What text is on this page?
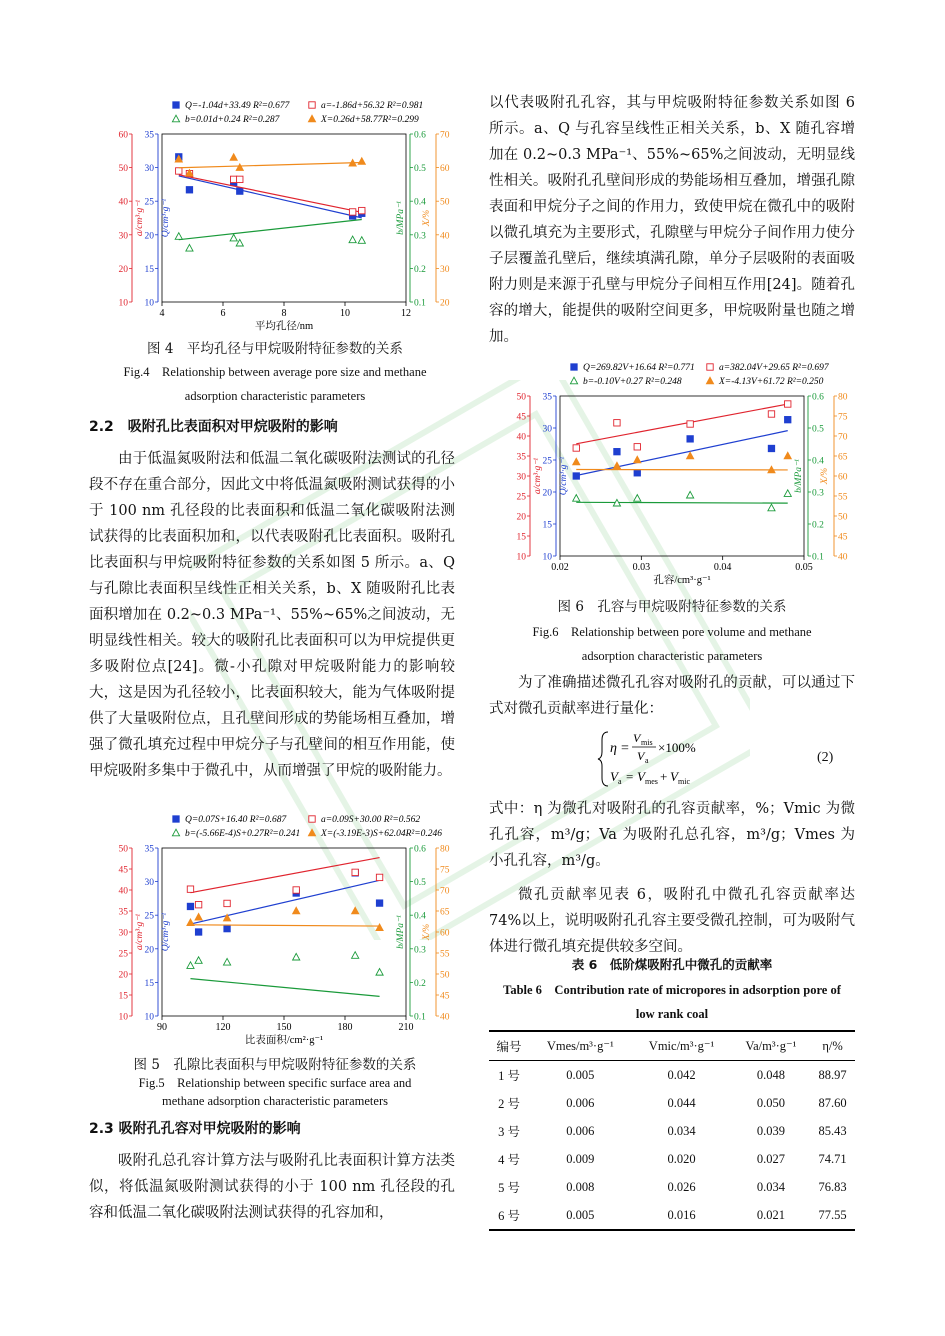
4	6	8	10	12
平均孔径/nm
10
20
30
40
50
60
a/cm³·g⁻¹
10
15
20
25
30
35
Q/cm³·g⁻¹
0.1
0.2
0.3
0.4
0.5
0.6
b/MPa⁻¹
20
30
40
50
60
70
X/%
Q=-1.04d+33.49 R²=0.677	a=-1.86d+56.32 R²=0.981
b=0.01d+0.24 R²=0.287	X=0.26d+58.77R²=0.299

图 4　平均孔径与甲烷吸附特征参数的关系

Fig.4　Relationship between average pore size and methane

adsorption characteristic parameters

2.2　吸附孔比表面积对甲烷吸附的影响

由于低温氮吸附法和低温二氧化碳吸附法测试的孔径段不存在重合部分，因此文中将低温氮吸附测试获得的小于 100 nm 孔径段的比表面积和低温二氧化碳吸附法测试获得的比表面积加和，以代表吸附孔比表面积。吸附孔比表面积与甲烷吸附特征参数的关系如图 5 所示。a、Q 与孔隙比表面积呈线性正相关关系，b、X 随吸附孔比表面积增加在 0.2~0.3 MPa⁻¹、55%~65%之间波动，无明显线性相关。较大的吸附孔比表面积可以为甲烷提供更多吸附位点[24]。微-小孔隙对甲烷吸附能力的影响较大，这是因为孔径较小，比表面积较大，能为气体吸附提供了大量吸附位点，且孔壁间形成的势能场相互叠加，增强了微孔填充过程中甲烷分子与孔壁间的相互作用能，使甲烷吸附多集中于微孔中，从而增强了甲烷的吸附能力。

90	120	150	180	210
比表面积/cm²·g⁻¹
10
15
20
25
30
35
40
45
50
a/cm³·g⁻¹
10
15
20
25
30
35
Q/cm³·g⁻¹
0.1
0.2
0.3
0.4
0.5
0.6
b/MPa⁻¹
40
45
50
55
60
65
70
75
80
X/%
Q=0.07S+16.40 R²=0.687	a=0.09S+30.00 R²=0.562
b=(-5.66E-4)S+0.27R²=0.241 X=(-3.19E-3)S+62.04R²=0.246

图 5　孔隙比表面积与甲烷吸附特征参数的关系

Fig.5　Relationship between specific surface area and

methane adsorption characteristic parameters

2.3 吸附孔孔容对甲烷吸附的影响

吸附孔总孔容计算方法与吸附孔比表面积计算方法类似，将低温氮吸附测试获得的小于 100 nm 孔径段的孔容和低温二氧化碳吸附法测试获得的孔容加和，

以代表吸附孔孔容，其与甲烷吸附特征参数关系如图 6 所示。a、Q 与孔容呈线性正相关关系，b、X 随孔容增加在 0.2~0.3 MPa⁻¹、55%~65%之间波动，无明显线性相关。吸附孔孔壁间形成的势能场相互叠加，增强孔隙表面和甲烷分子之间的作用力，致使甲烷在微孔中的吸附以微孔填充为主要形式，孔隙壁与甲烷分子间作用力使分子层覆盖孔壁后，继续填满孔隙，单分子层吸附的表面吸附力则是来源于孔壁与甲烷分子间相互作用[24]。随着孔容的增大，能提供的吸附空间更多，甲烷吸附量也随之增加。

0.02	0.03	0.04	0.05
孔容/cm³·g⁻¹
10
15
20
25
30
35
40
45
50
a/cm³·g⁻¹
10
15
20
25
30
35
Q/cm³·g⁻¹
0.1
0.2
0.3
0.4
0.5
0.6
b/MPa⁻¹
40
45
50
55
60
65
70
75
80
X/%
Q=269.82V+16.64 R²=0.771	a=382.04V+29.65 R²=0.697
b=-0.10V+0.27 R²=0.248	X=-4.13V+61.72 R²=0.250

图 6　孔容与甲烷吸附特征参数的关系

Fig.6　Relationship between pore volume and methane

adsorption characteristic parameters

为了准确描述微孔孔容对吸附孔的贡献，可以通过下式对微孔贡献率进行量化：

η =
V mis
V a
×100%
V a = V mes + V mic
(2)

式中：η 为微孔对吸附孔的孔容贡献率，%；Vmic 为微孔孔容，m³/g；Va 为吸附孔总孔容，m³/g；Vmes 为小孔孔容，m³/g。

微孔贡献率见表 6，吸附孔中微孔孔容贡献率达 74%以上，说明吸附孔孔容主要受微孔控制，可为吸附气体进行微孔填充提供较多空间。

表 6　低阶煤吸附孔中微孔的贡献率

Table 6　Contribution rate of micropores in adsorption pore of

low rank coal

编号	Vmes/m³·g⁻¹	Vmic/m³·g⁻¹	Va/m³·g⁻¹	η/%
1 号	0.005	0.042	0.048	88.97
2 号	0.006	0.044	0.050	87.60
3 号	0.006	0.034	0.039	85.43
4 号	0.009	0.020	0.027	74.71
5 号	0.008	0.026	0.034	76.83
6 号	0.005	0.016	0.021	77.55
